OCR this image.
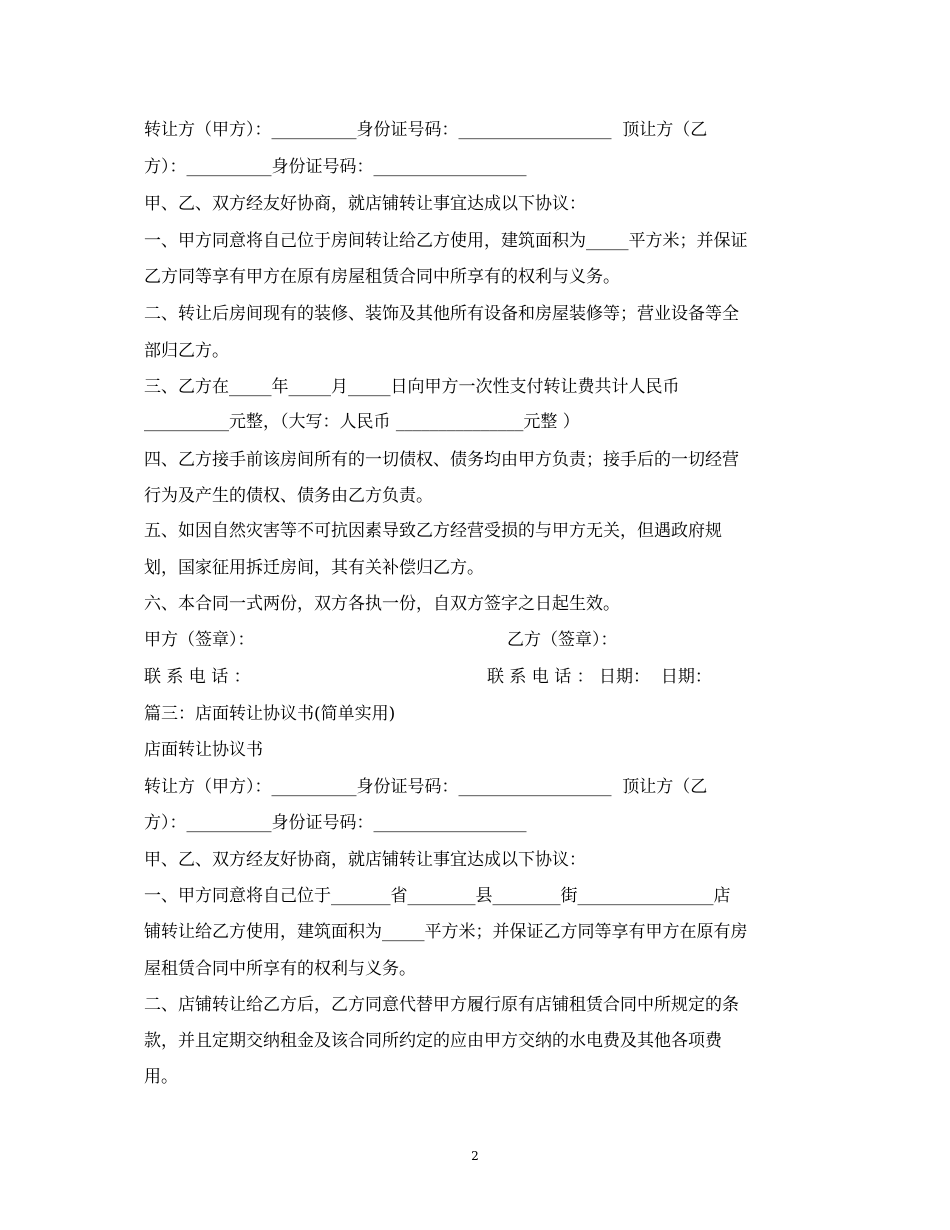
转让方（甲方）：__________身份证号码：__________________  顶让方（乙
方）：__________身份证号码：__________________
甲、乙、双方经友好协商，就店铺转让事宜达成以下协议：
一、甲方同意将自己位于房间转让给乙方使用，建筑面积为_____平方米；并保证
乙方同等享有甲方在原有房屋租赁合同中所享有的权利与义务。
二、转让后房间现有的装修、装饰及其他所有设备和房屋装修等；营业设备等全
部归乙方。
三、乙方在_____年_____月_____日向甲方一次性支付转让费共计人民币
__________元整，（大写：人民币 _______________元整 ）
四、乙方接手前该房间所有的一切债权、债务均由甲方负责；接手后的一切经营
行为及产生的债权、债务由乙方负责。
五、如因自然灾害等不可抗因素导致乙方经营受损的与甲方无关，但遇政府规
划，国家征用拆迁房间，其有关补偿归乙方。
六、本合同一式两份，双方各执一份，自双方签字之日起生效。
甲方（签章）：	乙方（签章）：
联 系 电 话 ：	联 系 电 话 ： 日期：  日期：
篇三：店面转让协议书(简单实用)
店面转让协议书
转让方（甲方）：__________身份证号码：__________________  顶让方（乙
方）：__________身份证号码：__________________
甲、乙、双方经友好协商，就店铺转让事宜达成以下协议：
一、甲方同意将自己位于_______省________县________街________________店
铺转让给乙方使用，建筑面积为_____平方米；并保证乙方同等享有甲方在原有房
屋租赁合同中所享有的权利与义务。
二、店铺转让给乙方后，乙方同意代替甲方履行原有店铺租赁合同中所规定的条
款，并且定期交纳租金及该合同所约定的应由甲方交纳的水电费及其他各项费
用。
2
